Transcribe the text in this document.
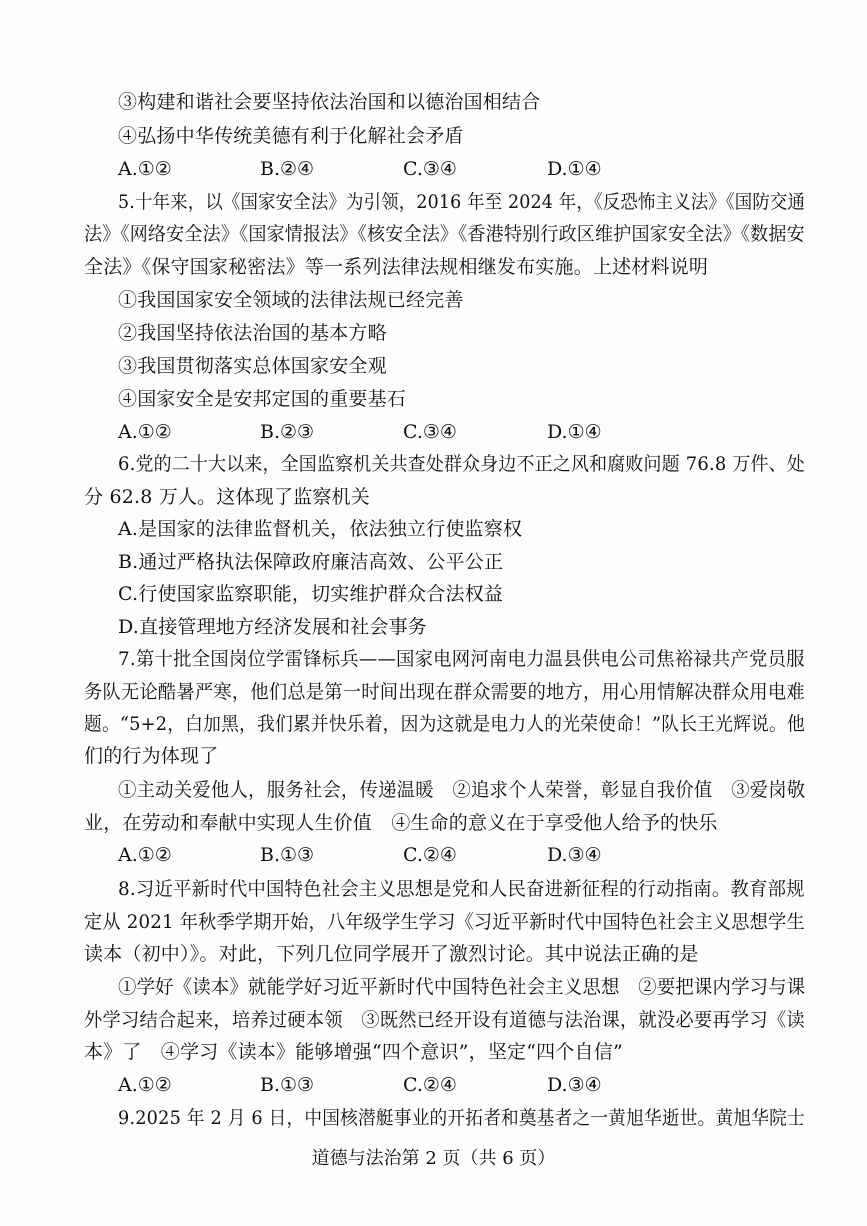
③构建和谐社会要坚持依法治国和以德治国相结合
④弘扬中华传统美德有利于化解社会矛盾
A.①②	B.②④	C.③④	D.①④
5.十年来，以《国家安全法》为引领，2016 年至 2024 年，《反恐怖主义法》《国防交通
法》《网络安全法》《国家情报法》《核安全法》《香港特别行政区维护国家安全法》《数据安
全法》《保守国家秘密法》等一系列法律法规相继发布实施。上述材料说明
①我国国家安全领域的法律法规已经完善
②我国坚持依法治国的基本方略
③我国贯彻落实总体国家安全观
④国家安全是安邦定国的重要基石
A.①②	B.②③	C.③④	D.①④
6.党的二十大以来，全国监察机关共查处群众身边不正之风和腐败问题 76.8 万件、处
分 62.8 万人。这体现了监察机关
A.是国家的法律监督机关，依法独立行使监察权
B.通过严格执法保障政府廉洁高效、公平公正
C.行使国家监察职能，切实维护群众合法权益
D.直接管理地方经济发展和社会事务
7.第十批全国岗位学雷锋标兵——国家电网河南电力温县供电公司焦裕禄共产党员服
务队无论酷暑严寒，他们总是第一时间出现在群众需要的地方，用心用情解决群众用电难
题。“5+2，白加黑，我们累并快乐着，因为这就是电力人的光荣使命！”队长王光辉说。他
们的行为体现了
①主动关爱他人，服务社会，传递温暖　②追求个人荣誉，彰显自我价值　③爱岗敬
业，在劳动和奉献中实现人生价值　④生命的意义在于享受他人给予的快乐
A.①②	B.①③	C.②④	D.③④
8.习近平新时代中国特色社会主义思想是党和人民奋进新征程的行动指南。教育部规
定从 2021 年秋季学期开始，八年级学生学习《习近平新时代中国特色社会主义思想学生
读本（初中）》。对此，下列几位同学展开了激烈讨论。其中说法正确的是
①学好《读本》就能学好习近平新时代中国特色社会主义思想　②要把课内学习与课
外学习结合起来，培养过硬本领　③既然已经开设有道德与法治课，就没必要再学习《读
本》了　④学习《读本》能够增强“四个意识”，坚定“四个自信”
A.①②	B.①③	C.②④	D.③④
9.2025 年 2 月 6 日，中国核潜艇事业的开拓者和奠基者之一黄旭华逝世。黄旭华院士
道德与法治第 2 页（共 6 页）
